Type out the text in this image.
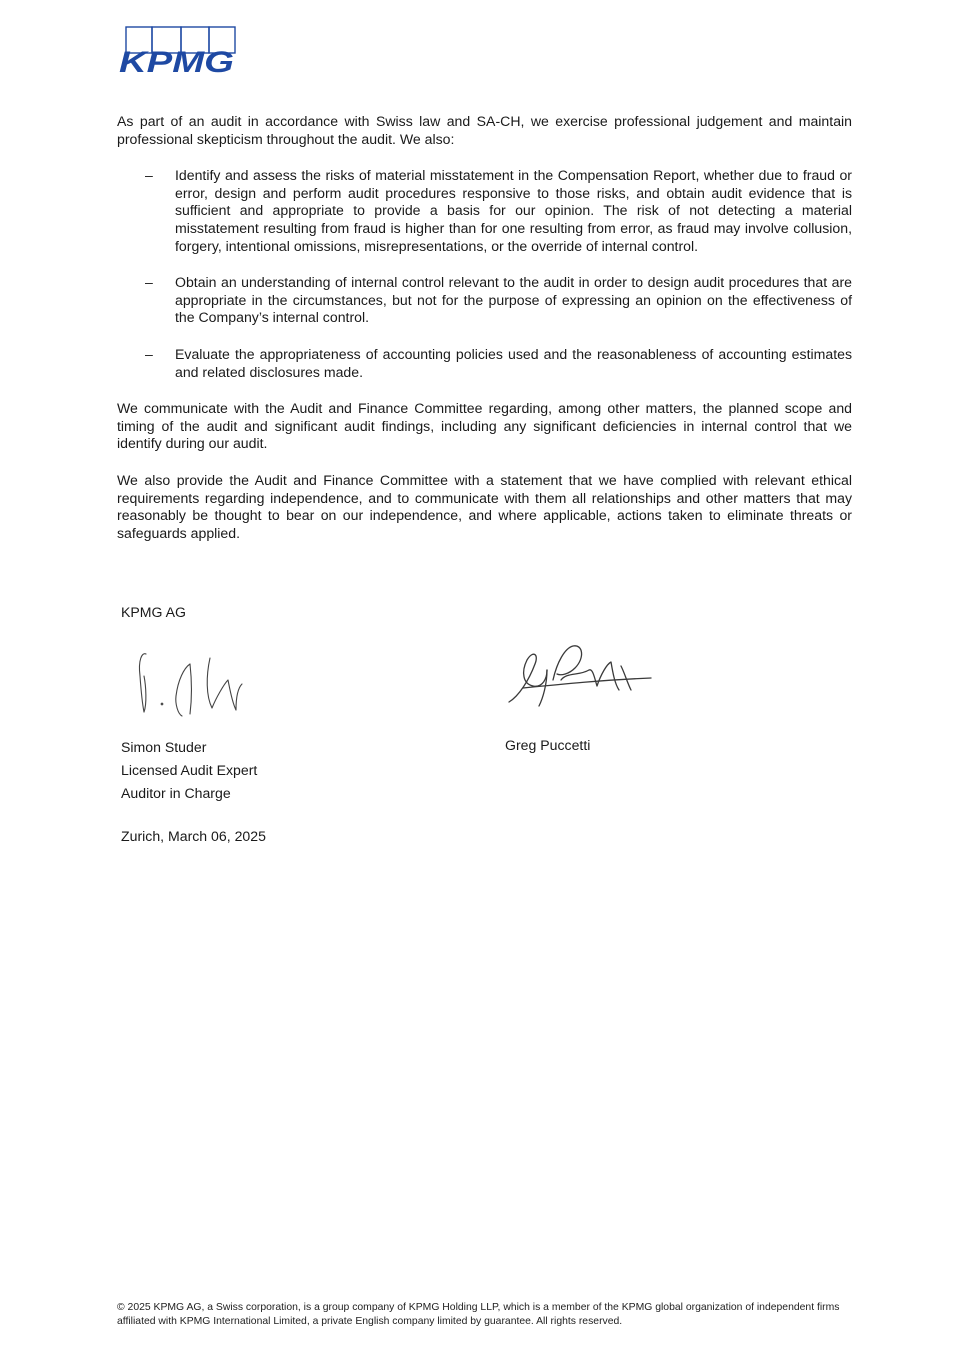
KPMG

As part of an audit in accordance with Swiss law and SA-CH, we exercise professional judgement and maintain professional skepticism throughout the audit. We also:

– Identify and assess the risks of material misstatement in the Compensation Report, whether due to fraud or error, design and perform audit procedures responsive to those risks, and obtain audit evidence that is sufficient and appropriate to provide a basis for our opinion. The risk of not detecting a material misstatement resulting from fraud is higher than for one resulting from error, as fraud may involve collusion, forgery, intentional omissions, misrepresentations, or the override of internal control.
– Obtain an understanding of internal control relevant to the audit in order to design audit procedures that are appropriate in the circumstances, but not for the purpose of expressing an opinion on the effectiveness of the Company’s internal control.
– Evaluate the appropriateness of accounting policies used and the reasonableness of accounting estimates and related disclosures made.

We communicate with the Audit and Finance Committee regarding, among other matters, the planned scope and timing of the audit and significant audit findings, including any significant deficiencies in internal control that we identify during our audit.

We also provide the Audit and Finance Committee with a statement that we have complied with relevant ethical requirements regarding independence, and to communicate with them all relationships and other matters that may reasonably be thought to bear on our independence, and where applicable, actions taken to eliminate threats or safeguards applied.

KPMG AG
Simon Studer
Licensed Audit Expert
Auditor in Charge
Greg Puccetti
Zurich, March 06, 2025
© 2025 KPMG AG, a Swiss corporation, is a group company of KPMG Holding LLP, which is a member of the KPMG global organization of independent firms affiliated with KPMG International Limited, a private English company limited by guarantee. All rights reserved.
